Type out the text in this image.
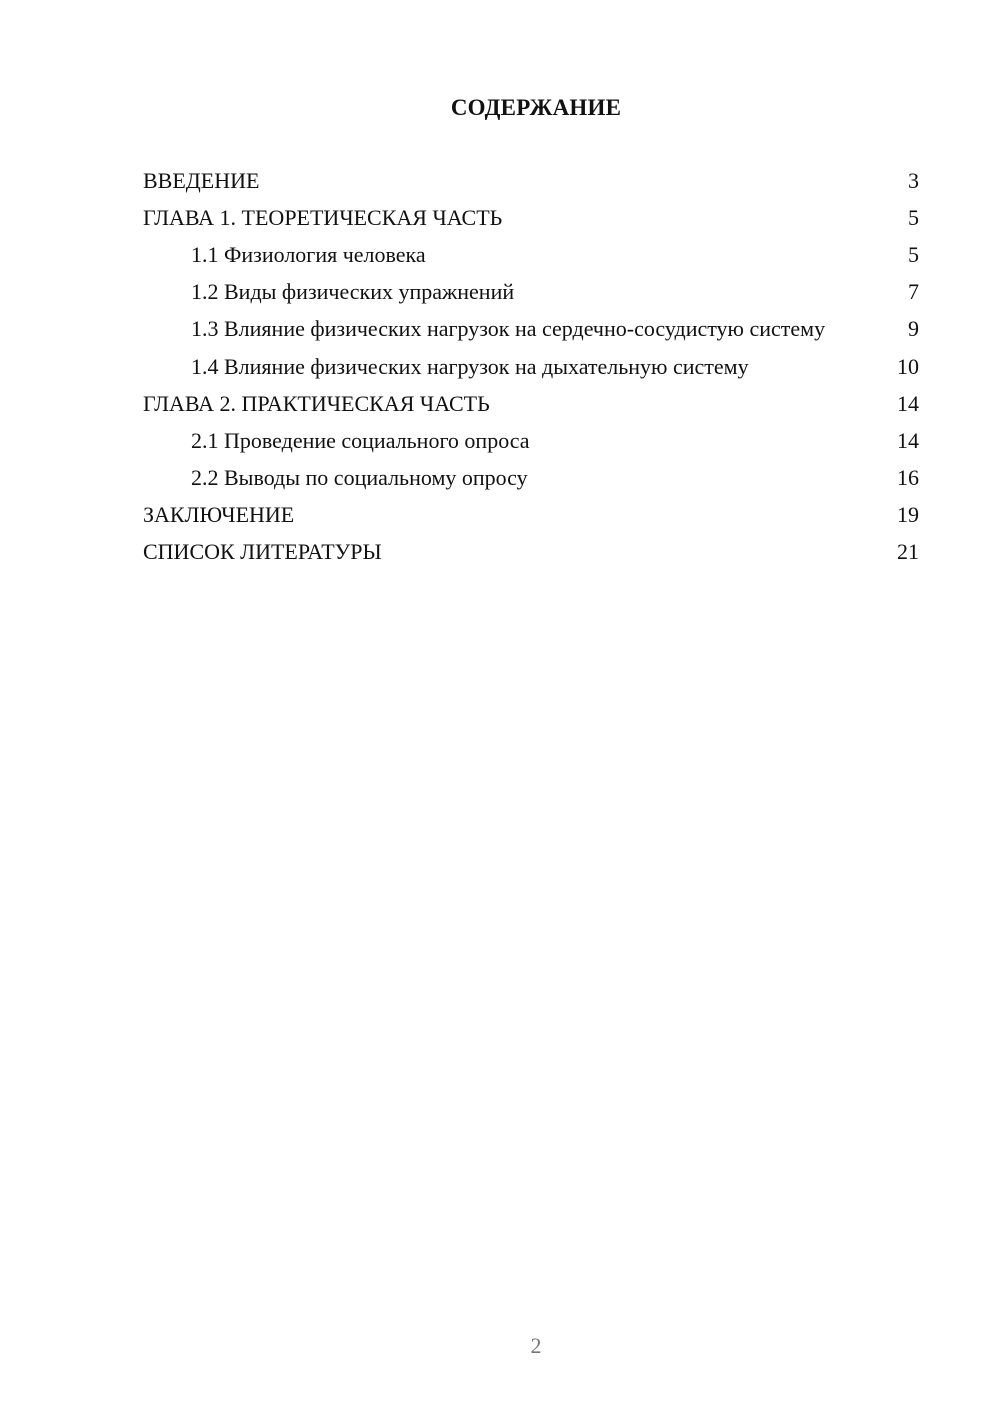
СОДЕРЖАНИЕ
ВВЕДЕНИЕ	3
ГЛАВА 1. ТЕОРЕТИЧЕСКАЯ ЧАСТЬ	5
1.1 Физиология человека	5
1.2 Виды физических упражнений	7
1.3 Влияние физических нагрузок на сердечно-сосудистую систему	9
1.4 Влияние физических нагрузок на дыхательную систему	10
ГЛАВА 2. ПРАКТИЧЕСКАЯ ЧАСТЬ	14
2.1 Проведение социального опроса	14
2.2 Выводы по социальному опросу	16
ЗАКЛЮЧЕНИЕ	19
СПИСОК ЛИТЕРАТУРЫ	21
2
